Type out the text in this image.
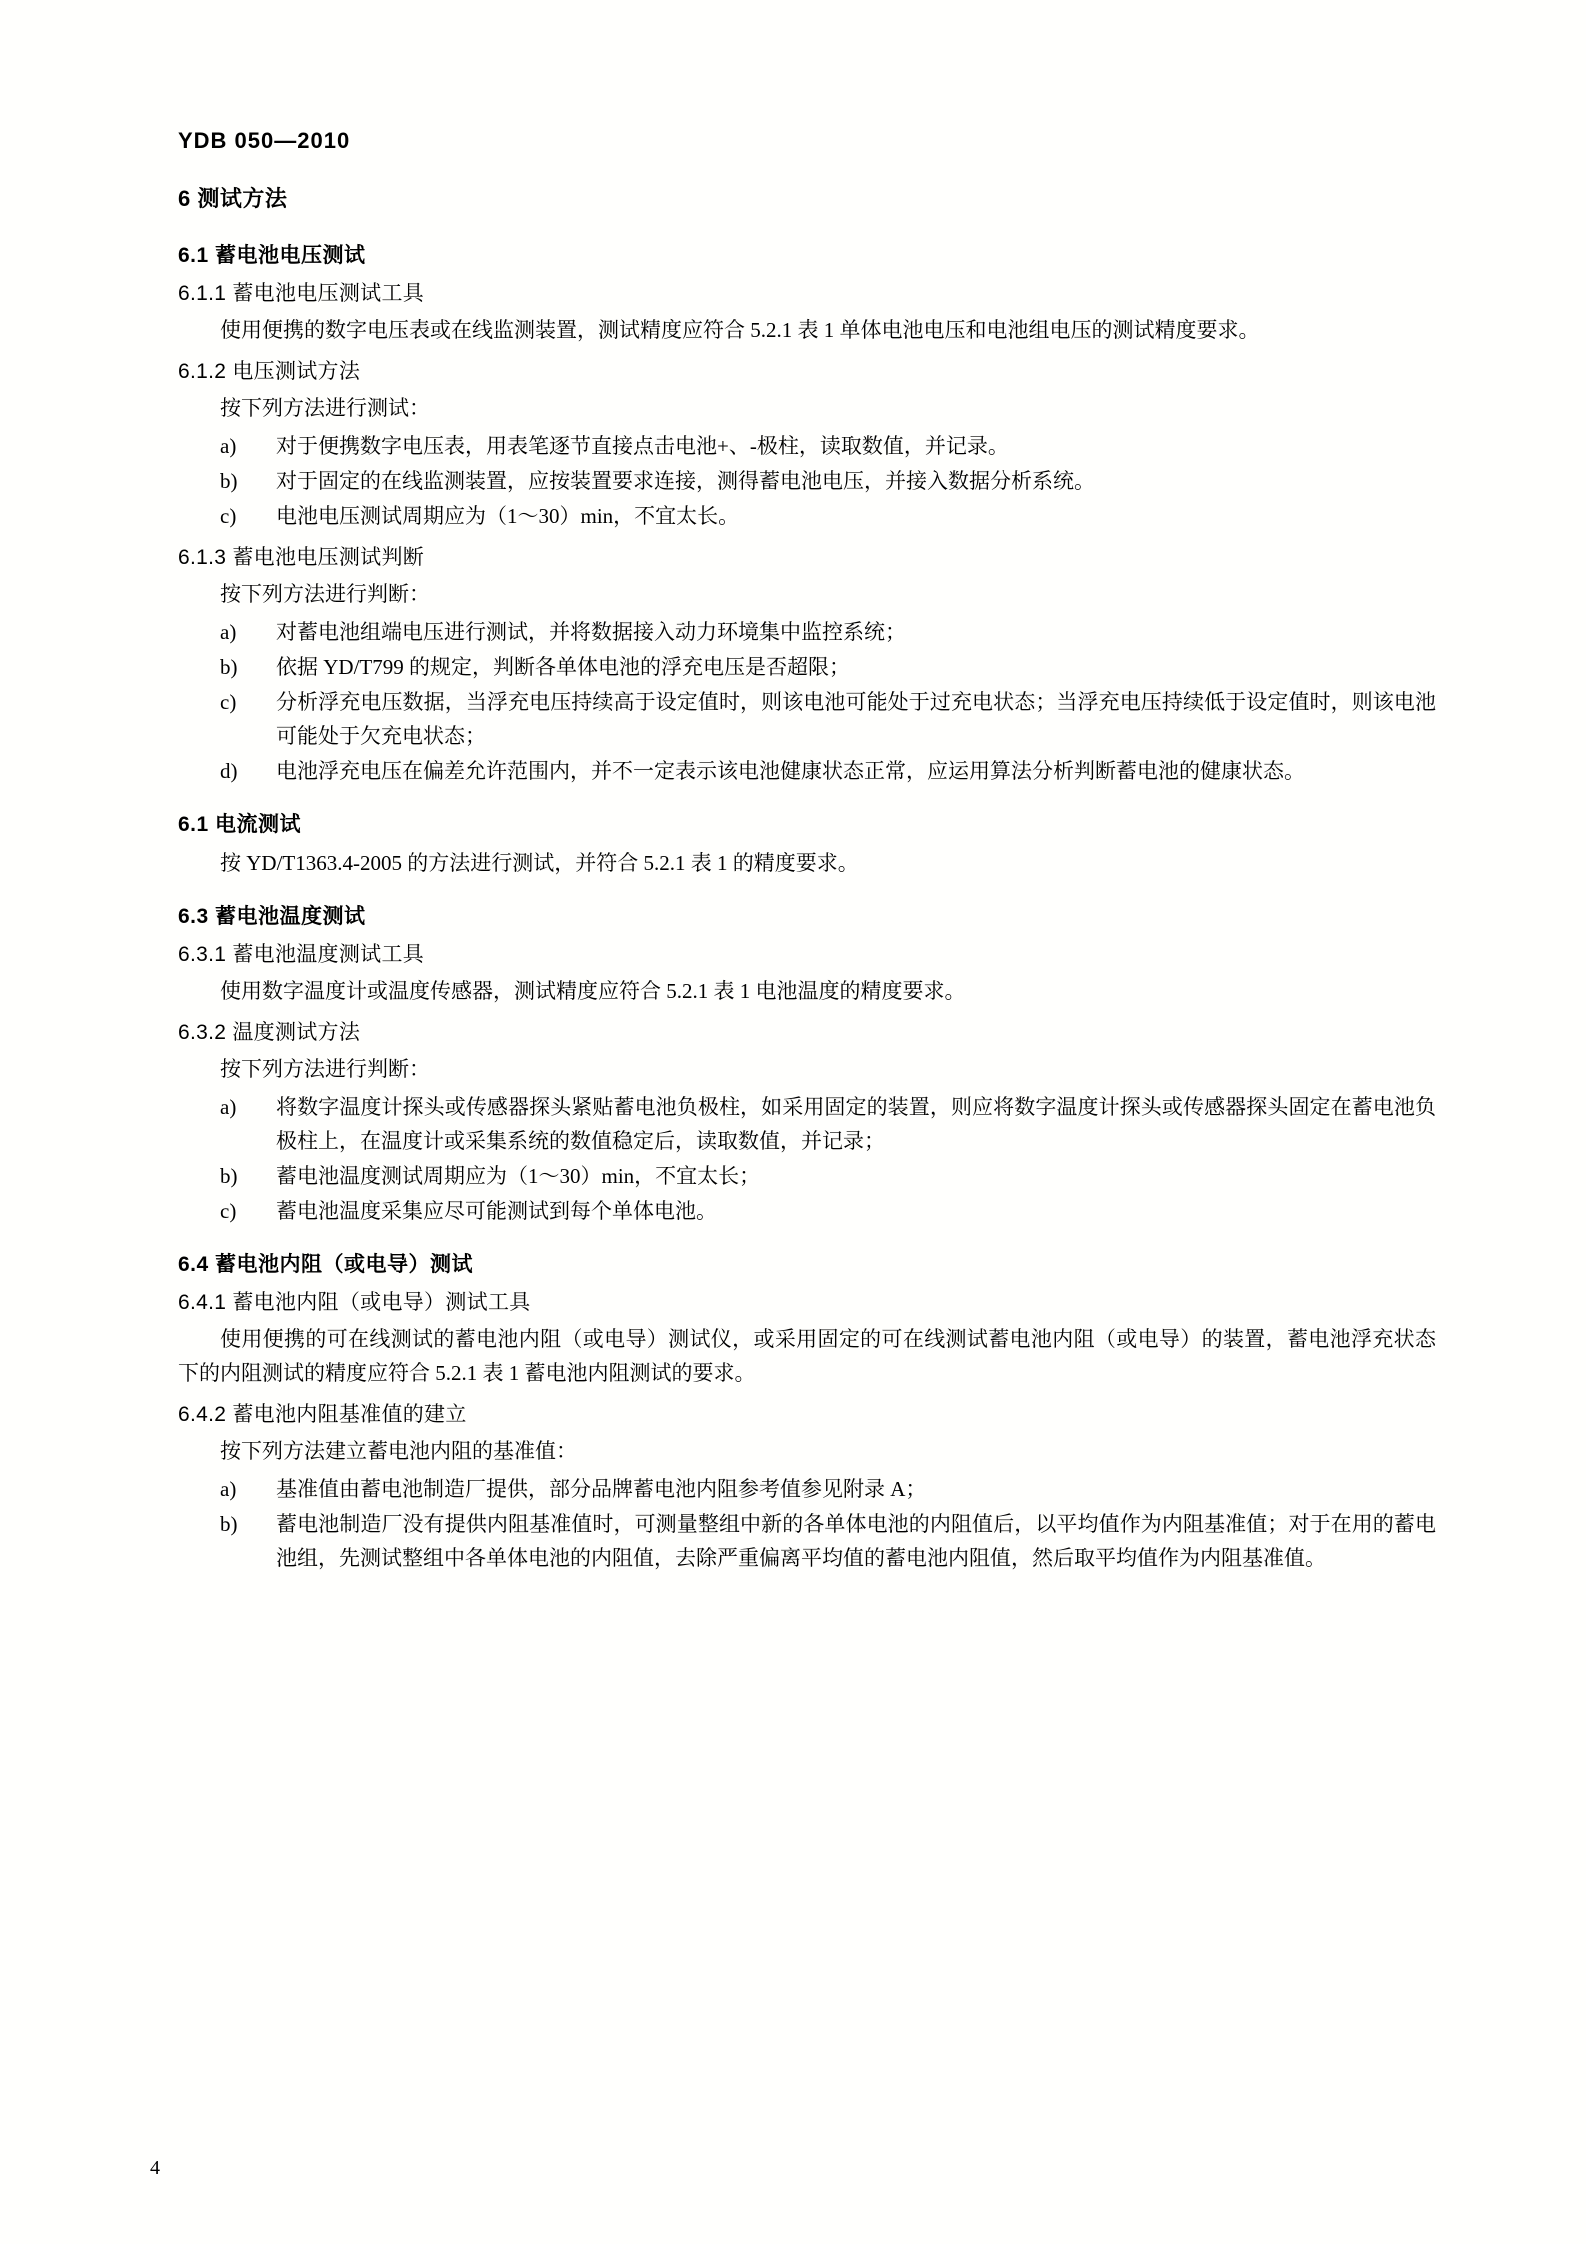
YDB 050—2010
6 测试方法
6.1 蓄电池电压测试
6.1.1 蓄电池电压测试工具
使用便携的数字电压表或在线监测装置，测试精度应符合 5.2.1 表 1 单体电池电压和电池组电压的测试精度要求。
6.1.2 电压测试方法
按下列方法进行测试：
a)	对于便携数字电压表，用表笔逐节直接点击电池+、-极柱，读取数值，并记录。
b)	对于固定的在线监测装置，应按装置要求连接，测得蓄电池电压，并接入数据分析系统。
c)	电池电压测试周期应为（1～30）min，不宜太长。
6.1.3 蓄电池电压测试判断
按下列方法进行判断：
a)	对蓄电池组端电压进行测试，并将数据接入动力环境集中监控系统；
b)	依据 YD/T799 的规定，判断各单体电池的浮充电压是否超限；
c)	分析浮充电压数据，当浮充电压持续高于设定值时，则该电池可能处于过充电状态；当浮充电压持续低于设定值时，则该电池可能处于欠充电状态；
d)	电池浮充电压在偏差允许范围内，并不一定表示该电池健康状态正常，应运用算法分析判断蓄电池的健康状态。
6.1 电流测试
按 YD/T1363.4-2005 的方法进行测试，并符合 5.2.1 表 1 的精度要求。
6.3 蓄电池温度测试
6.3.1 蓄电池温度测试工具
使用数字温度计或温度传感器，测试精度应符合 5.2.1 表 1 电池温度的精度要求。
6.3.2 温度测试方法
按下列方法进行判断：
a)	将数字温度计探头或传感器探头紧贴蓄电池负极柱，如采用固定的装置，则应将数字温度计探头或传感器探头固定在蓄电池负极柱上，在温度计或采集系统的数值稳定后，读取数值，并记录；
b)	蓄电池温度测试周期应为（1～30）min，不宜太长；
c)	蓄电池温度采集应尽可能测试到每个单体电池。
6.4 蓄电池内阻（或电导）测试
6.4.1 蓄电池内阻（或电导）测试工具
使用便携的可在线测试的蓄电池内阻（或电导）测试仪，或采用固定的可在线测试蓄电池内阻（或电导）的装置，蓄电池浮充状态下的内阻测试的精度应符合 5.2.1 表 1 蓄电池内阻测试的要求。
6.4.2 蓄电池内阻基准值的建立
按下列方法建立蓄电池内阻的基准值：
a)	基准值由蓄电池制造厂提供，部分品牌蓄电池内阻参考值参见附录 A；
b)	蓄电池制造厂没有提供内阻基准值时，可测量整组中新的各单体电池的内阻值后，以平均值作为内阻基准值；对于在用的蓄电池组，先测试整组中各单体电池的内阻值，去除严重偏离平均值的蓄电池内阻值，然后取平均值作为内阻基准值。
4
